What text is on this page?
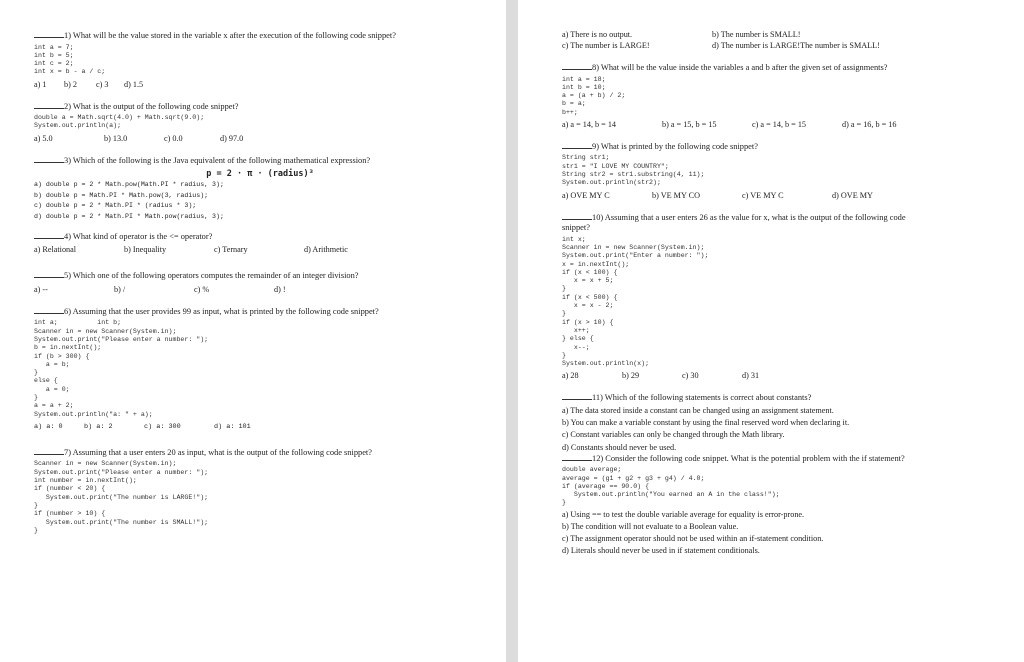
1) What will be the value stored in the variable x after the execution of the following code snippet?

int a = 7;
int b = 5;
int c = 2;
int x = b - a / c;
a) 1 b) 2 c) 3 d) 1.5

2) What is the output of the following code snippet?

double a = Math.sqrt(4.0) + Math.sqrt(9.0);
System.out.println(a);
a) 5.0	b) 13.0	c) 0.0	d) 97.0

3) Which of the following is the Java equivalent of the following mathematical expression?

p = 2 · π · (radius)³
a) double p = 2 * Math.pow(Math.PI * radius, 3);
b) double p = Math.PI * Math.pow(3, radius);
c) double p = 2 * Math.PI * (radius * 3);
d) double p = 2 * Math.PI * Math.pow(radius, 3);

4) What kind of operator is the <= operator?

a) Relational	b) Inequality	c) Ternary	d) Arithmetic

5) Which one of the following operators computes the remainder of an integer division?

a) --	b) /	c) %	d) !

6) Assuming that the user provides 99 as input, what is printed by the following code snippet?

int a;          int b;
Scanner in = new Scanner(System.in);
System.out.print("Please enter a number: ");
b = in.nextInt();
if (b > 300) {
a = b;
}
else {
a = 0;
}
a = a + 2;
System.out.println("a: " + a);
a) a: 0	b) a: 2	c) a: 300	d) a: 101

7) Assuming that a user enters 20 as input, what is the output of the following code snippet?

Scanner in = new Scanner(System.in);
System.out.print("Please enter a number: ");
int number = in.nextInt();
if (number < 20) {
System.out.print("The number is LARGE!");
}
if (number > 10) {
System.out.print("The number is SMALL!");
}
a) There is no output.	b) The number is SMALL!
c) The number is LARGE!	d) The number is LARGE!The number is SMALL!

8) What will be the value inside the variables a and b after the given set of assignments?

int a = 18;
int b = 10;
a = (a + b) / 2;
b = a;
b++;
a) a = 14, b = 14	b) a = 15, b = 15	c) a = 14, b = 15	d) a = 16, b = 16

9) What is printed by the following code snippet?

String str1;
str1 = "I LOVE MY COUNTRY";
String str2 = str1.substring(4, 11);
System.out.println(str2);
a) OVE MY C	b) VE MY CO	c) VE MY C	d) OVE MY

10) Assuming that a user enters 26 as the value for x, what is the output of the following code

snippet?

int x;
Scanner in = new Scanner(System.in);
System.out.print("Enter a number: ");
x = in.nextInt();
if (x < 100) {
x = x + 5;
}
if (x < 500) {
x = x - 2;
}
if (x > 10) {
x++;
} else {
x--;
}
System.out.println(x);
a) 28	b) 29	c) 30	d) 31

11) Which of the following statements is correct about constants?

a) The data stored inside a constant can be changed using an assignment statement.
b) You can make a variable constant by using the final reserved word when declaring it.
c) Constant variables can only be changed through the Math library.
d) Constants should never be used.

12) Consider the following code snippet. What is the potential problem with the if statement?

double average;
average = (g1 + g2 + g3 + g4) / 4.0;
if (average == 90.0) {
System.out.println("You earned an A in the class!");
}
a) Using == to test the double variable average for equality is error-prone.
b) The condition will not evaluate to a Boolean value.
c) The assignment operator should not be used within an if-statement condition.
d) Literals should never be used in if statement conditionals.
